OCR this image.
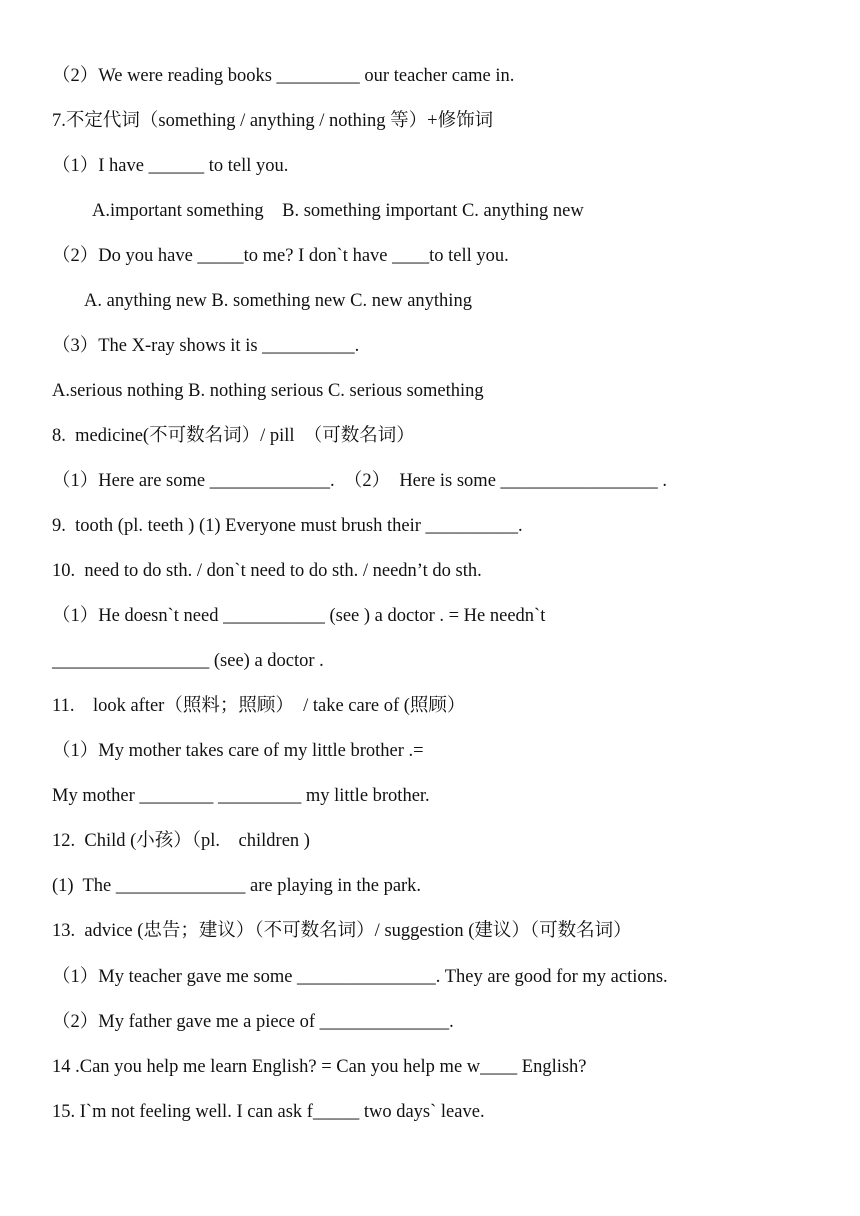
（2）We were reading books _________ our teacher came in.
7.不定代词（something / anything / nothing 等）+修饰词
（1）I have ______ to tell you.
A.important something    B. something important C. anything new
（2）Do you have _____to me? I don`t have ____to tell you.
A. anything new B. something new C. new anything
（3）The X-ray shows it is __________.
A.serious nothing B. nothing serious C. serious something
8.  medicine(不可数名词）/ pill  （可数名词）
（1）Here are some _____________.  （2）  Here is some _________________ .
9.  tooth (pl. teeth ) (1) Everyone must brush their __________.
10.  need to do sth. / don`t need to do sth. / needn’t do sth.
（1）He doesn`t need ___________ (see ) a doctor . = He needn`t
_________________ (see) a doctor .
11.    look after（照料；照顾）  / take care of (照顾）
（1）My mother takes care of my little brother .=
My mother ________ _________ my little brother.
12.  Child (小孩）（pl.    children )
(1)  The ______________ are playing in the park.
13.  advice (忠告；建议）（不可数名词）/ suggestion (建议）（可数名词）
（1）My teacher gave me some _______________. They are good for my actions.
（2）My father gave me a piece of ______________.
14 .Can you help me learn English? = Can you help me w____ English?
15. I`m not feeling well. I can ask f_____ two days` leave.
